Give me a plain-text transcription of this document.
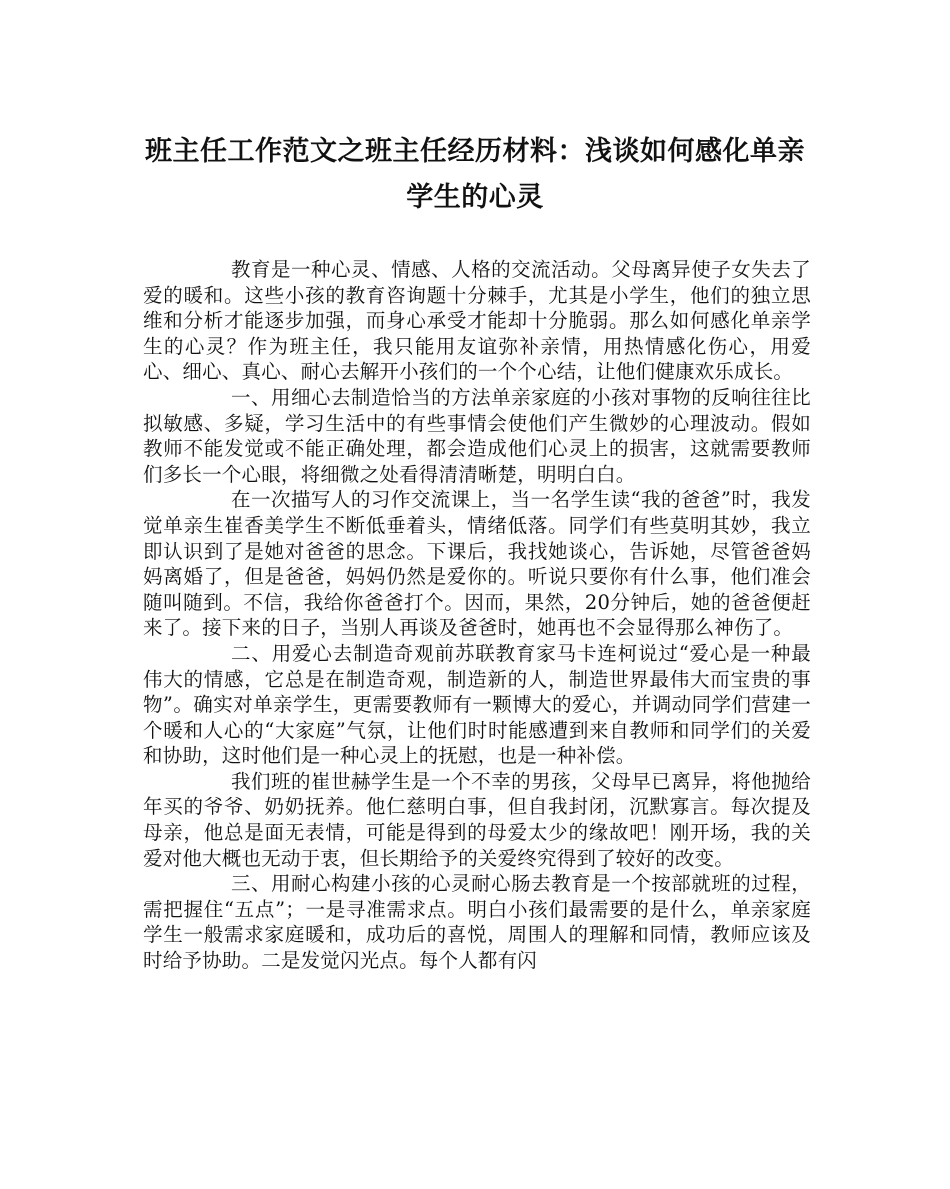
班主任工作范文之班主任经历材料：浅谈如何感化单亲
学生的心灵

教育是一种心灵、情感、人格的交流活动。父母离异使子女失去了爱的暖和。这些小孩的教育咨询题十分棘手，尤其是小学生，他们的独立思维和分析才能逐步加强，而身心承受才能却十分脆弱。那么如何感化单亲学生的心灵？作为班主任，我只能用友谊弥补亲情，用热情感化伤心，用爱心、细心、真心、耐心去解开小孩们的一个个心结，让他们健康欢乐成长。

一、用细心去制造恰当的方法单亲家庭的小孩对事物的反响往往比拟敏感、多疑，学习生活中的有些事情会使他们产生微妙的心理波动。假如教师不能发觉或不能正确处理，都会造成他们心灵上的损害，这就需要教师们多长一个心眼，将细微之处看得清清晰楚，明明白白。

在一次描写人的习作交流课上，当一名学生读“我的爸爸”时，我发觉单亲生崔香美学生不断低垂着头，情绪低落。同学们有些莫明其妙，我立即认识到了是她对爸爸的思念。下课后，我找她谈心，告诉她，尽管爸爸妈妈离婚了，但是爸爸，妈妈仍然是爱你的。听说只要你有什么事，他们准会随叫随到。不信，我给你爸爸打个。因而，果然，20分钟后，她的爸爸便赶来了。接下来的日子，当别人再谈及爸爸时，她再也不会显得那么神伤了。

二、用爱心去制造奇观前苏联教育家马卡连柯说过“爱心是一种最伟大的情感，它总是在制造奇观，制造新的人，制造世界最伟大而宝贵的事物”。确实对单亲学生，更需要教师有一颗博大的爱心，并调动同学们营建一个暖和人心的“大家庭”气氛，让他们时时能感遭到来自教师和同学们的关爱和协助，这时他们是一种心灵上的抚慰，也是一种补偿。

我们班的崔世赫学生是一个不幸的男孩，父母早已离异，将他抛给年买的爷爷、奶奶抚养。他仁慈明白事，但自我封闭，沉默寡言。每次提及母亲，他总是面无表情，可能是得到的母爱太少的缘故吧！刚开场，我的关爱对他大概也无动于衷，但长期给予的关爱终究得到了较好的改变。

三、用耐心构建小孩的心灵耐心肠去教育是一个按部就班的过程，需把握住“五点”；一是寻准需求点。明白小孩们最需要的是什么，单亲家庭学生一般需求家庭暖和，成功后的喜悦，周围人的理解和同情，教师应该及时给予协助。二是发觉闪光点。每个人都有闪
